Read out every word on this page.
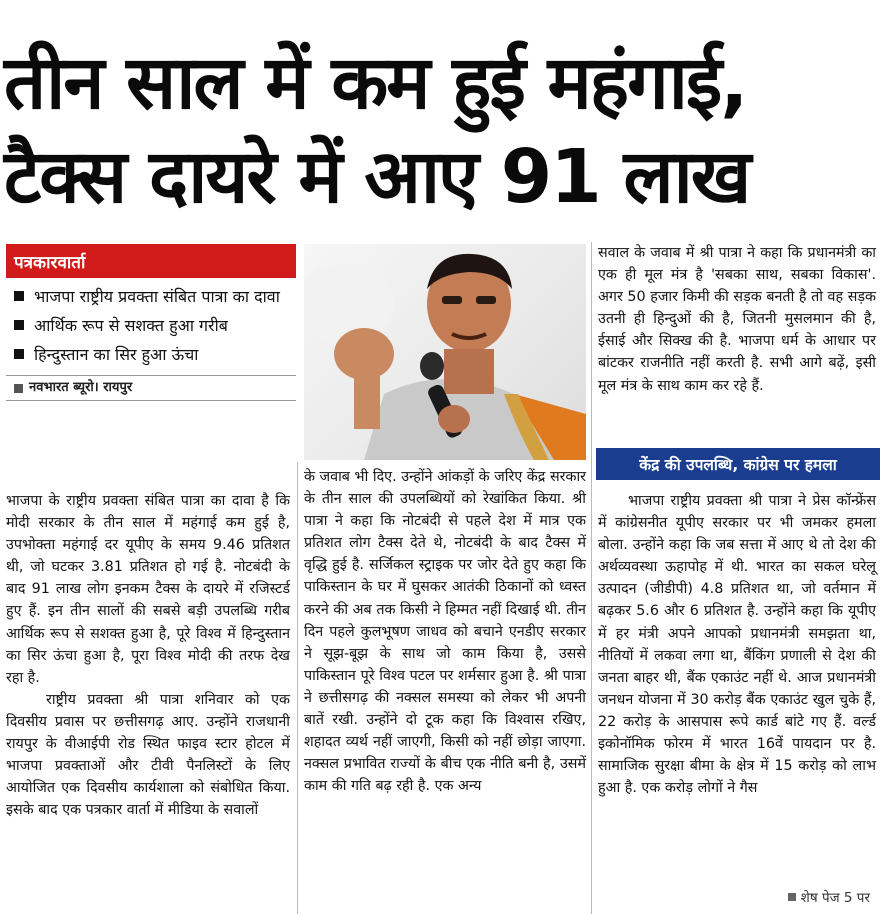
तीन साल में कम हुई महंगाई,
टैक्स दायरे में आए 91 लाख
पत्रकारवार्ता
भाजपा राष्ट्रीय प्रवक्ता संबित पात्रा का दावा
आर्थिक रूप से सशक्त हुआ गरीब
हिन्दुस्तान का सिर हुआ ऊंचा
नवभारत ब्यूरो। रायपुर

भाजपा के राष्ट्रीय प्रवक्ता संबित पात्रा का दावा है कि मोदी सरकार के तीन साल में महंगाई कम हुई है, उपभोक्ता महंगाई दर यूपीए के समय 9.46 प्रतिशत थी, जो घटकर 3.81 प्रतिशत हो गई है. नोटबंदी के बाद 91 लाख लोग इनकम टैक्स के दायरे में रजिस्टर्ड हुए हैं. इन तीन सालों की सबसे बड़ी उपलब्धि गरीब आर्थिक रूप से सशक्त हुआ है, पूरे विश्व में हिन्दुस्तान का सिर ऊंचा हुआ है, पूरा विश्व मोदी की तरफ देख रहा है.

राष्ट्रीय प्रवक्ता श्री पात्रा शनिवार को एक दिवसीय प्रवास पर छत्तीसगढ़ आए. उन्होंने राजधानी रायपुर के वीआईपी रोड स्थित फाइव स्टार होटल में भाजपा प्रवक्ताओं और टीवी पैनलिस्टों के लिए आयोजित एक दिवसीय कार्यशाला को संबोधित किया. इसके बाद एक पत्रकार वार्ता में मीडिया के सवालों

के जवाब भी दिए. उन्होंने आंकड़ों के जरिए केंद्र सरकार के तीन साल की उपलब्धियों को रेखांकित किया. श्री पात्रा ने कहा कि नोटबंदी से पहले देश में मात्र एक प्रतिशत लोग टैक्स देते थे, नोटबंदी के बाद टैक्स में वृद्धि हुई है. सर्जिकल स्ट्राइक पर जोर देते हुए कहा कि पाकिस्तान के घर में घुसकर आतंकी ठिकानों को ध्वस्त करने की अब तक किसी ने हिम्मत नहीं दिखाई थी. तीन दिन पहले कुलभूषण जाधव को बचाने एनडीए सरकार ने सूझ-बूझ के साथ जो काम किया है, उससे पाकिस्तान पूरे विश्व पटल पर शर्मसार हुआ है. श्री पात्रा ने छत्तीसगढ़ की नक्सल समस्या को लेकर भी अपनी बातें रखी. उन्होंने दो टूक कहा कि विश्वास रखिए, शहादत व्यर्थ नहीं जाएगी, किसी को नहीं छोड़ा जाएगा. नक्सल प्रभावित राज्यों के बीच एक नीति बनी है, उसमें काम की गति बढ़ रही है. एक अन्य

सवाल के जवाब में श्री पात्रा ने कहा कि प्रधानमंत्री का एक ही मूल मंत्र है 'सबका साथ, सबका विकास'. अगर 50 हजार किमी की सड़क बनती है तो वह सड़क उतनी ही हिन्दुओं की है, जितनी मुसलमान की है, ईसाई और सिक्ख की है. भाजपा धर्म के आधार पर बांटकर राजनीति नहीं करती है. सभी आगे बढ़ें, इसी मूल मंत्र के साथ काम कर रहे हैं.

केंद्र की उपलब्धि, कांग्रेस पर हमला

भाजपा राष्ट्रीय प्रवक्ता श्री पात्रा ने प्रेस कॉन्फ्रेंस में कांग्रेसनीत यूपीए सरकार पर भी जमकर हमला बोला. उन्होंने कहा कि जब सत्ता में आए थे तो देश की अर्थव्यवस्था ऊहापोह में थी. भारत का सकल घरेलू उत्पादन (जीडीपी) 4.8 प्रतिशत था, जो वर्तमान में बढ़कर 5.6 और 6 प्रतिशत है. उन्होंने कहा कि यूपीए में हर मंत्री अपने आपको प्रधानमंत्री समझता था, नीतियों में लकवा लगा था, बैंकिंग प्रणाली से देश की जनता बाहर थी, बैंक एकाउंट नहीं थे. आज प्रधानमंत्री जनधन योजना में 30 करोड़ बैंक एकाउंट खुल चुके हैं, 22 करोड़ के आसपास रूपे कार्ड बांटे गए हैं. वर्ल्ड इकोनॉमिक फोरम में भारत 16वें पायदान पर है. सामाजिक सुरक्षा बीमा के क्षेत्र में 15 करोड़ को लाभ हुआ है. एक करोड़ लोगों ने गैस

शेष पेज 5 पर
